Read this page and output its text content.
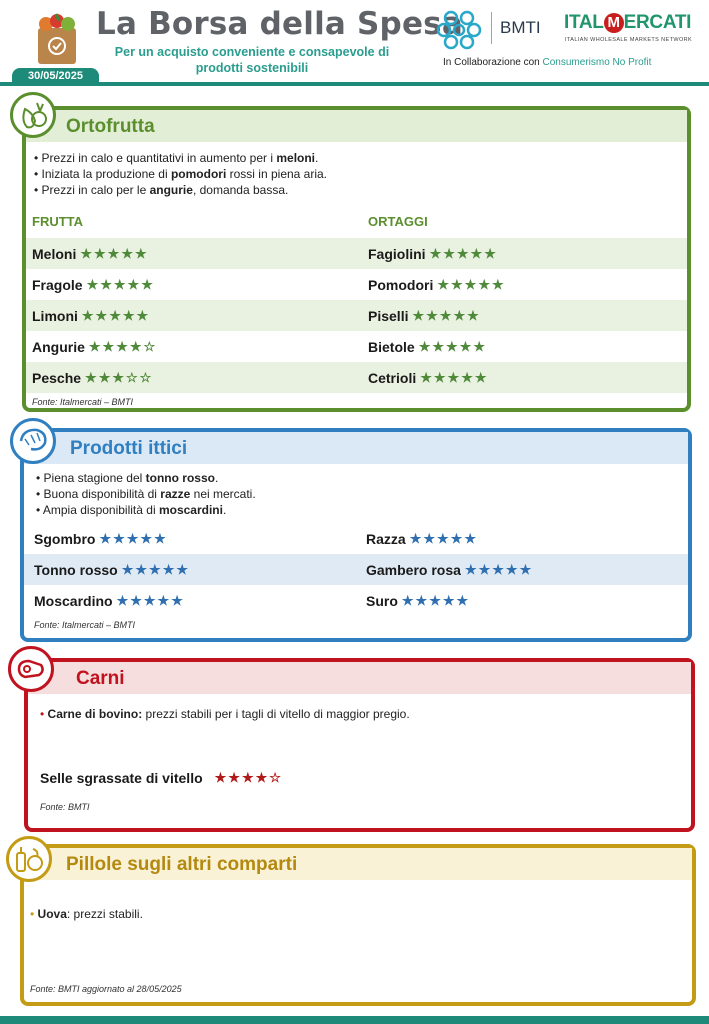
La Borsa della Spesa
Per un acquisto conveniente e consapevole di prodotti sostenibili
30/05/2025
BMTI ITAL M ERCATI
ITALIAN WHOLESALE MARKETS NETWORK
In Collaborazione con Consumerismo No Profit
Ortofrutta
• Prezzi in calo e quantitativi in aumento per i meloni.
• Iniziata la produzione di pomodori rossi in piena aria.
• Prezzi in calo per le angurie, domanda bassa.
FRUTTA	ORTAGGI
Meloni ★ ★ ★ ★ ★
Fragole ★ ★ ★ ★ ★
Limoni ★ ★ ★ ★ ★
Angurie ★ ★ ★ ★ ☆
Pesche ★ ★ ★ ☆ ☆
Fagiolini ★ ★ ★ ★ ★
Pomodori ★ ★ ★ ★ ★
Piselli ★ ★ ★ ★ ★
Bietole ★ ★ ★ ★ ★
Cetrioli ★ ★ ★ ★ ★
Fonte: Italmercati – BMTI
Prodotti ittici
• Piena stagione del tonno rosso.
• Buona disponibilità di razze nei mercati.
• Ampia disponibilità di moscardini.
Sgombro ★ ★ ★ ★ ★
Tonno rosso ★ ★ ★ ★ ★
Moscardino ★ ★ ★ ★ ★
Razza ★ ★ ★ ★ ★
Gambero rosa ★ ★ ★ ★ ★
Suro ★ ★ ★ ★ ★
Fonte: Italmercati – BMTI
Carni
• Carne di bovino: prezzi stabili per i tagli di vitello di maggior pregio.
Selle sgrassate di vitello ★ ★ ★ ★ ☆
Fonte: BMTI
Pillole sugli altri comparti
• Uova: prezzi stabili.
Fonte: BMTI aggiornato al 28/05/2025
